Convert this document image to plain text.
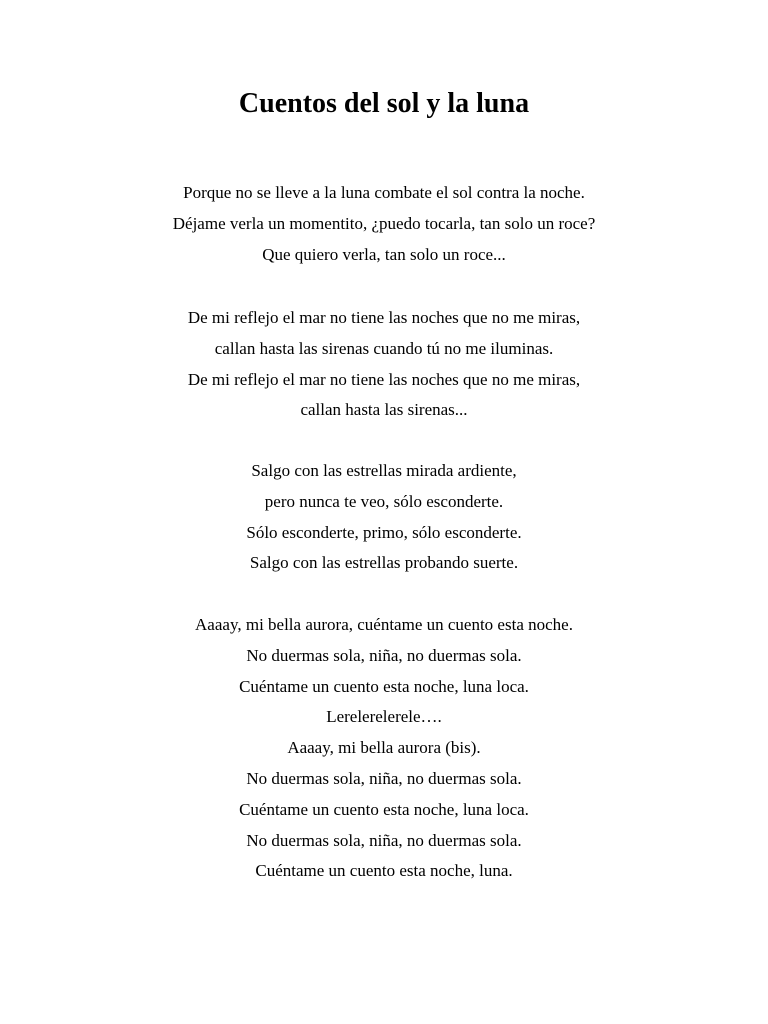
Cuentos del sol y la luna
Porque no se lleve a la luna combate el sol contra la noche.
Déjame verla un momentito, ¿puedo tocarla, tan solo un roce?
Que quiero verla, tan solo un roce...
De mi reflejo el mar no tiene las noches que no me miras,
callan hasta las sirenas cuando tú no me iluminas.
De mi reflejo el mar no tiene las noches que no me miras,
callan hasta las sirenas...
Salgo con las estrellas mirada ardiente,
pero nunca te veo, sólo esconderte.
Sólo esconderte, primo, sólo esconderte.
Salgo con las estrellas probando suerte.
Aaaay, mi bella aurora, cuéntame un cuento esta noche.
No duermas sola, niña, no duermas sola.
Cuéntame un cuento esta noche, luna loca.
Lerelerelerele….
Aaaay, mi bella aurora (bis).
No duermas sola, niña, no duermas sola.
Cuéntame un cuento esta noche, luna loca.
No duermas sola, niña, no duermas sola.
Cuéntame un cuento esta noche, luna.
